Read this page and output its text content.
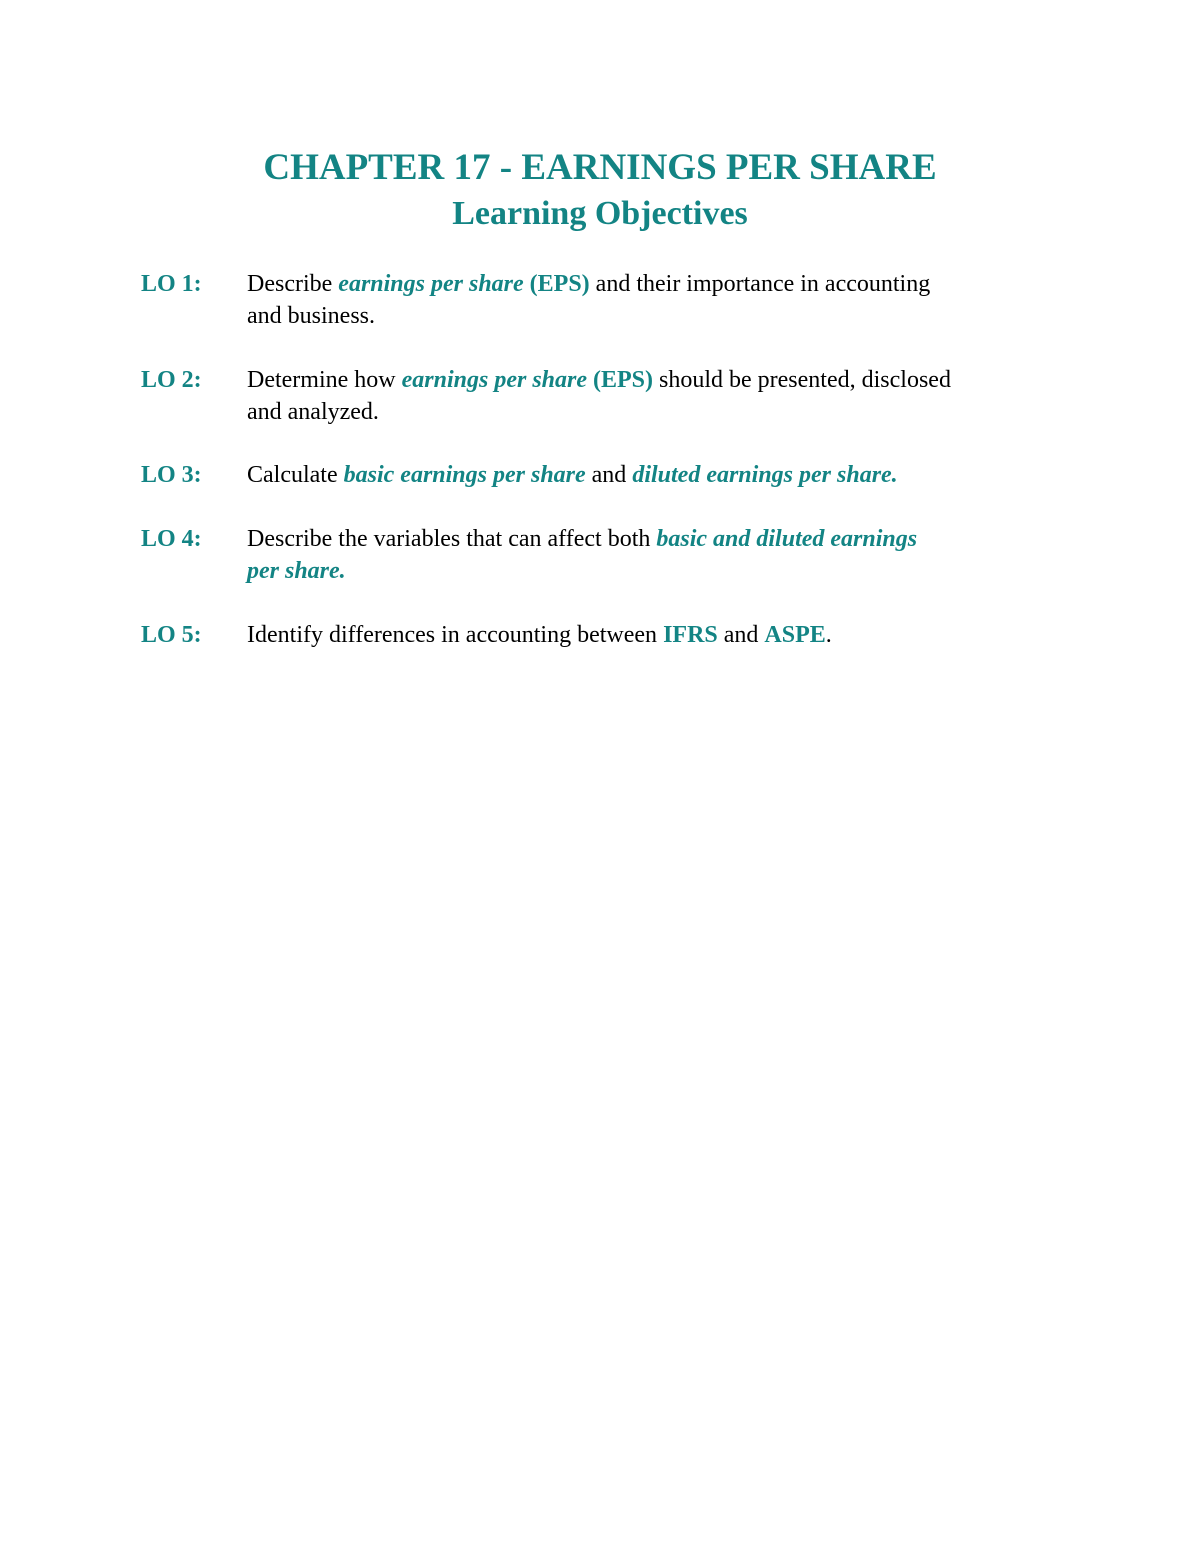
CHAPTER 17 - EARNINGS PER SHARE
Learning Objectives
LO 1: Describe earnings per share (EPS) and their importance in accounting
and business.
LO 2: Determine how earnings per share (EPS) should be presented, disclosed
and analyzed.
LO 3: Calculate basic earnings per share and diluted earnings per share.
LO 4: Describe the variables that can affect both basic and diluted earnings
per share.
LO 5: Identify differences in accounting between IFRS and ASPE.
